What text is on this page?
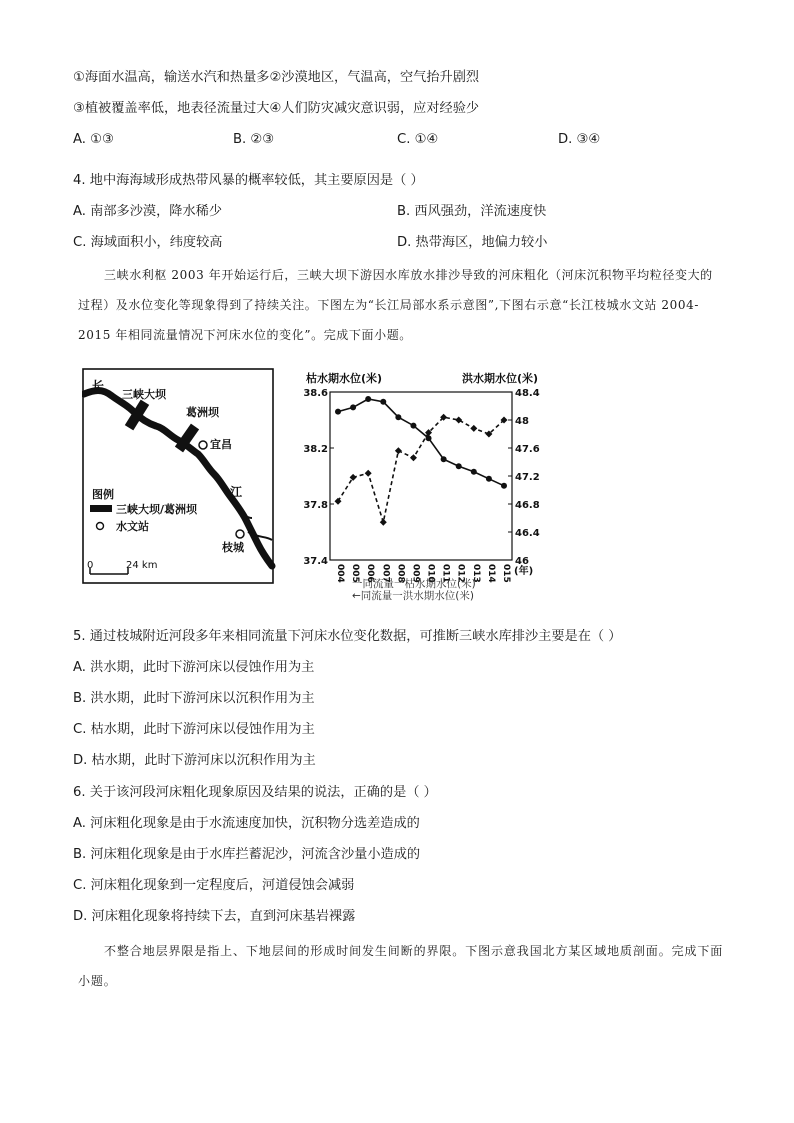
①海面水温高，输送水汽和热量多②沙漠地区，气温高，空气抬升剧烈
③植被覆盖率低，地表径流量过大④人们防灾减灾意识弱，应对经验少
A. ①③	B. ②③	C. ①④	D. ③④
4. 地中海海域形成热带风暴的概率较低，其主要原因是（ ）
A. 南部多沙漠，降水稀少	B. 西风强劲，洋流速度快
C. 海域面积小，纬度较高	D. 热带海区，地偏力较小
三峡水利枢 2003 年开始运行后，三峡大坝下游因水库放水排沙导致的河床粗化（河床沉积物平均粒径变大的过程）及水位变化等现象得到了持续关注。下图左为“长江局部水系示意图”,下图右示意“长江枝城水文站 2004-2015 年相同流量情况下河床水位的变化”。完成下面小题。
长
三峡大坝
葛洲坝
宜昌
江
枝城
图例
三峡大坝/葛洲坝
水文站
0	24 km
枯水期水位(米)	洪水期水位(米)
38.6
38.2
37.8
37.4
48
47.6
47.2
46.8
46.4
46
48.4
004 005 006 007 008 009 010 011 012 013 014 015 (年)
一同流量一枯水期水位(米)
←同流量一洪水期水位(米)
5. 通过枝城附近河段多年来相同流量下河床水位变化数据，可推断三峡水库排沙主要是在（ ）
A. 洪水期，此时下游河床以侵蚀作用为主
B. 洪水期，此时下游河床以沉积作用为主
C. 枯水期，此时下游河床以侵蚀作用为主
D. 枯水期，此时下游河床以沉积作用为主
6. 关于该河段河床粗化现象原因及结果的说法，正确的是（ ）
A. 河床粗化现象是由于水流速度加快，沉积物分选差造成的
B. 河床粗化现象是由于水库拦蓄泥沙，河流含沙量小造成的
C. 河床粗化现象到一定程度后，河道侵蚀会减弱
D. 河床粗化现象将持续下去，直到河床基岩裸露
不整合地层界限是指上、下地层间的形成时间发生间断的界限。下图示意我国北方某区域地质剖面。完成下面小题。
